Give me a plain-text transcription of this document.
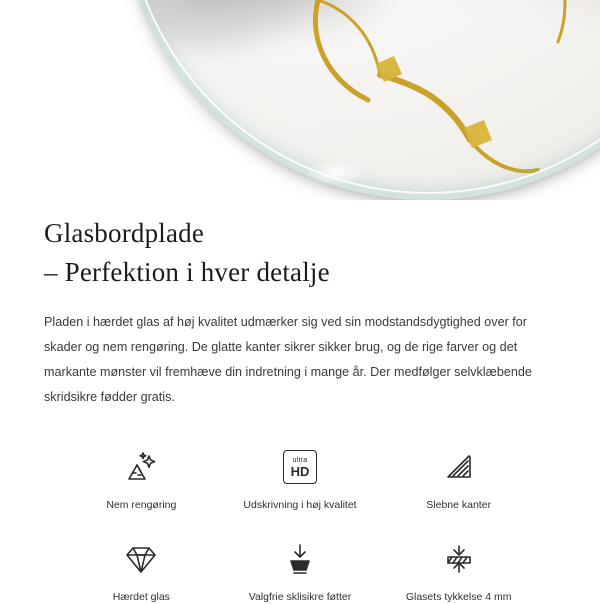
Glasbordplade
– Perfektion i hver detalje

Pladen i hærdet glas af høj kvalitet udmærker sig ved sin modstandsdygtighed over for skader og nem rengøring. De glatte kanter sikrer sikker brug, og de rige farver og det markante mønster vil fremhæve din indretning i mange år. Der medfølger selvklæbende skridsikre fødder gratis.

Nem rengøring
ultra
HD
Udskrivning i høj kvalitet	Slebne kanter
Hærdet glas	Valgfrie sklisikre føtter	Glasets tykkelse 4 mm
